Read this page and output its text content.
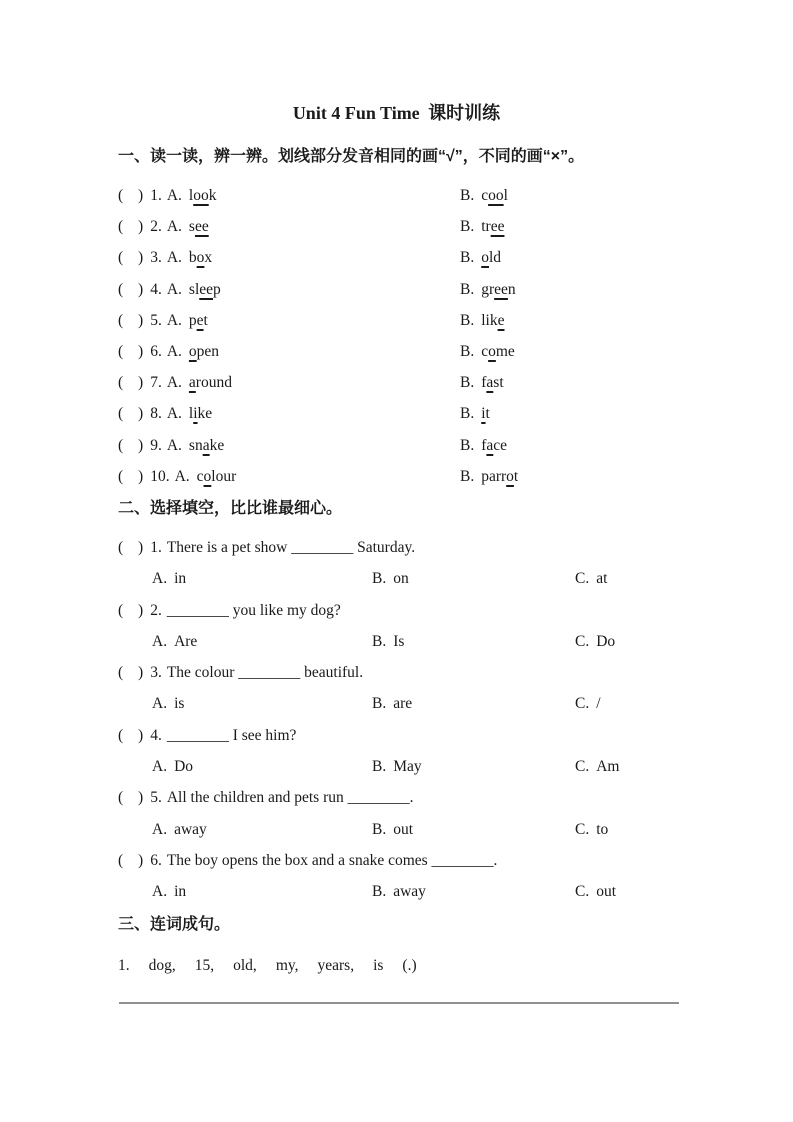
Unit 4 Fun Time 课时训练
一、读一读，辨一辨。划线部分发音相同的画“√”，不同的画“×”。
( ) 1. A. look	B. cool
( ) 2. A. see	B. tree
( ) 3. A. box	B. old
( ) 4. A. sleep	B. green
( ) 5. A. pet	B. like
( ) 6. A. open	B. come
( ) 7. A. around	B. fast
( ) 8. A. like	B. it
( ) 9. A. snake	B. face
( ) 10. A. colour	B. parrot
二、选择填空，比比谁最细心。
( ) 1. There is a pet show ________ Saturday.
A. in	B. on	C. at
( ) 2. ________ you like my dog?
A. Are	B. Is	C. Do
( ) 3. The colour ________ beautiful.
A. is	B. are	C. /
( ) 4. ________ I see him?
A. Do	B. May	C. Am
( ) 5. All the children and pets run ________.
A. away	B. out	C. to
( ) 6. The boy opens the box and a snake comes ________.
A. in	B. away	C. out
三、连词成句。
1. dog, 15, old, my, years, is (.)
